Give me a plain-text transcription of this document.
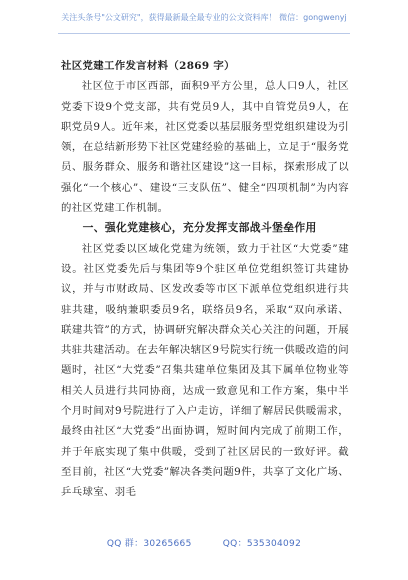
关注头条号"公文研究"，获得最新最全最专业的公文资料库！ 微信：gongwenyj
社区党建工作发言材料（2869 字）

社区位于市区西部，面积9平方公里，总人口9人，社区党委下设9个党支部，共有党员9人，其中自管党员9人，在职党员9人。近年来，社区党委以基层服务型党组织建设为引领，在总结新形势下社区党建经验的基础上，立足于“服务党员、服务群众、服务和谐社区建设”这一目标，探索形成了以强化“一个核心”、建设“三支队伍”、健全“四项机制”为内容的社区党建工作机制。

一、强化党建核心，充分发挥支部战斗堡垒作用

社区党委以区域化党建为统领，致力于社区“大党委”建设。社区党委先后与集团等9个驻区单位党组织签订共建协议，并与市财政局、区发改委等市区下派单位党组织进行共驻共建，吸纳兼职委员9名，联络员9名，采取“双向承诺、联建共管”的方式，协调研究解决群众关心关注的问题，开展共驻共建活动。在去年解决辖区9号院实行统一供暖改造的问题时，社区“大党委”召集共建单位集团及其下属单位物业等相关人员进行共同协商，达成一致意见和工作方案，集中半个月时间对9号院进行了入户走访，详细了解居民供暖需求，最终由社区“大党委”出面协调，短时间内完成了前期工作，并于年底实现了集中供暖，受到了社区居民的一致好评。截至目前，社区“大党委”解决各类问题9件，共享了文化广场、乒乓球室、羽毛

QQ 群：30265665	QQ：535304092
